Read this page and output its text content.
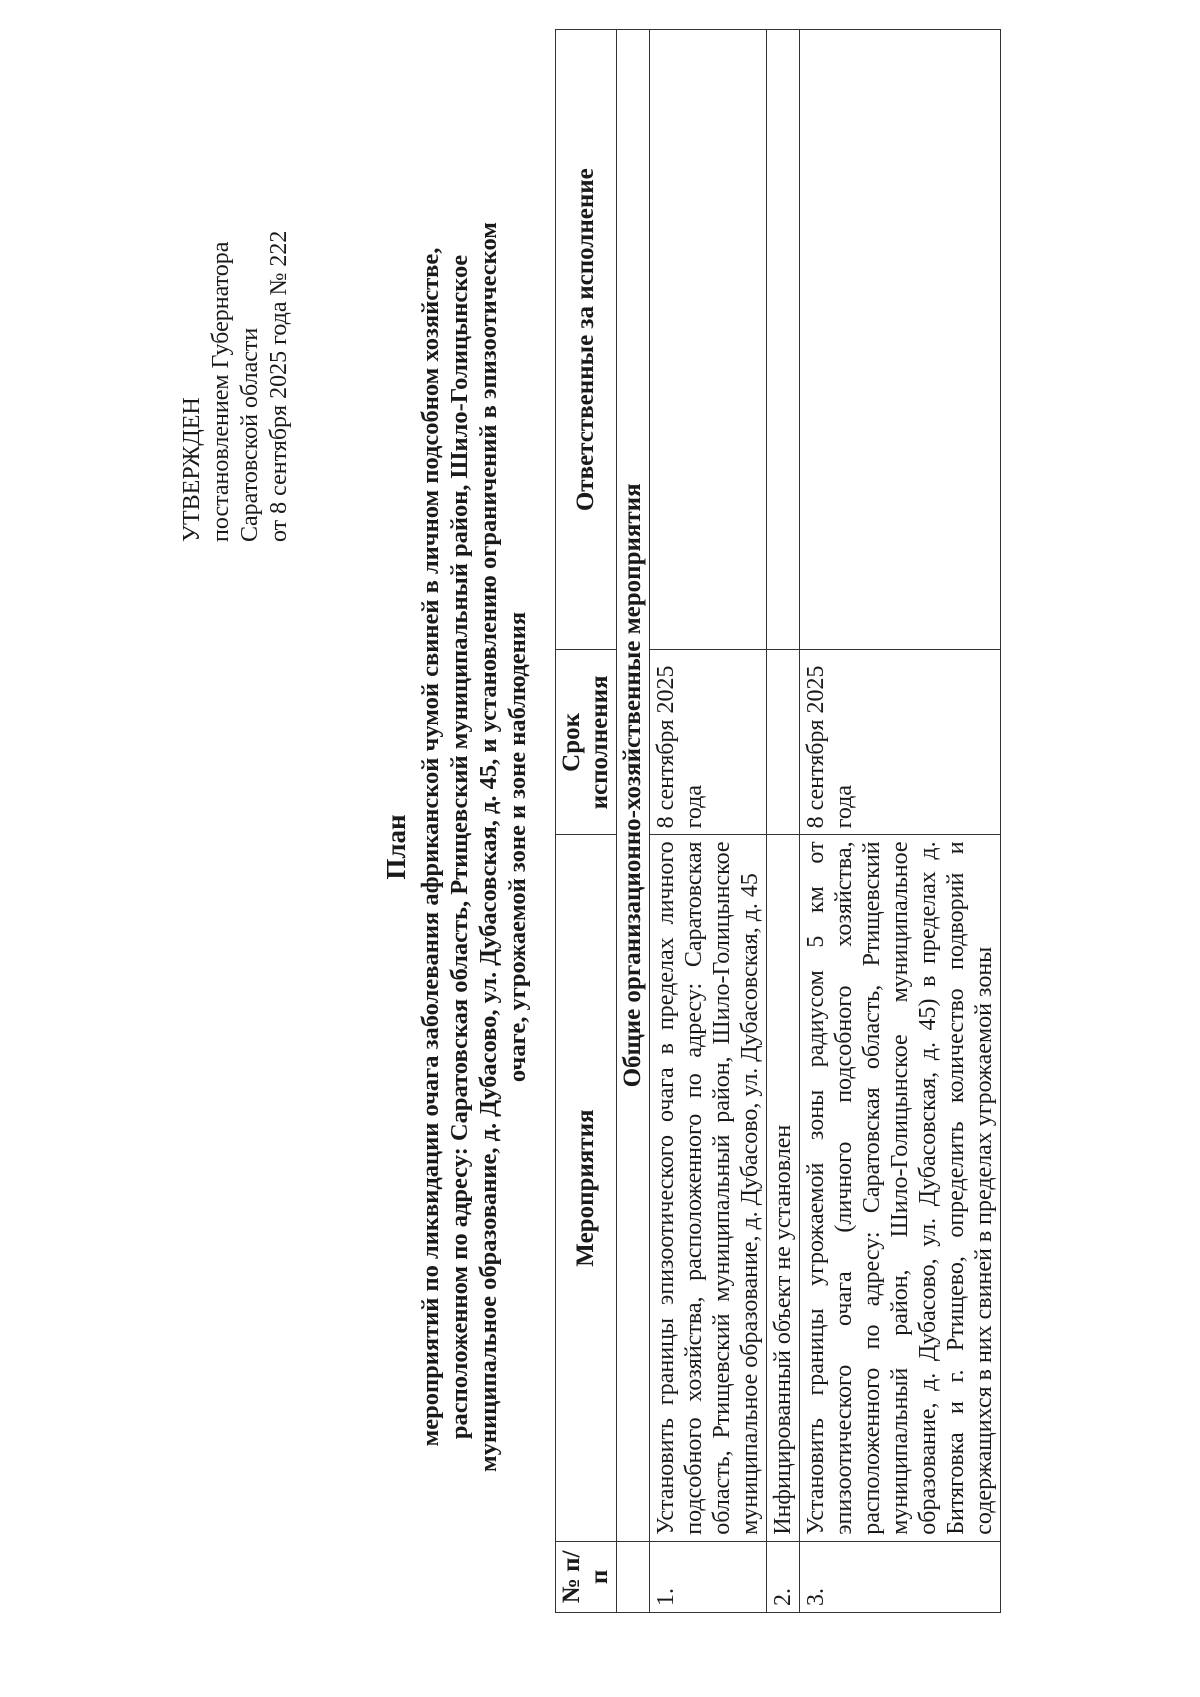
УТВЕРЖДЕН постановлением Губернатора Саратовской области от 8 сентября 2025 года № 222
План мероприятий по ликвидации очага заболевания африканской чумой свиней в личном подсобном хозяйстве, расположенном по адресу: Саратовская область, Ртищевский муниципальный район, Шило-Голицынское муниципальное образование, д. Дубасово, ул. Дубасовская, д. 45, и установлению ограничений в эпизоотическом очаге, угрожаемой зоне и зоне наблюдения
№ п/п	Мероприятия	Срок исполнения	Ответственные за исполнение
	Общие организационно-хозяйственные мероприятия		
1.	Установить границы эпизоотического очага в пределах личного подсобного хозяйства, расположенного по адресу: Саратовская область, Ртищевский муниципальный район, Шило-Голицынское муниципальное образование, д. Дубасово, ул. Дубасовская, д. 45	8 сентября 2025 года	
2.	Инфицированный объект не установлен		
3.	Установить границы угрожаемой зоны радиусом 5 км от эпизоотического очага (личного подсобного хозяйства, расположенного по адресу: Саратовская область, Ртищевский муниципальный район, Шило-Голицынское муниципальное образование, д. Дубасово, ул. Дубасовская, д. 45) в пределах д. Битяговка и г. Ртищево, определить количество подворий и содержащихся в них свиней в пределах угрожаемой зоны	8 сентября 2025 года	
